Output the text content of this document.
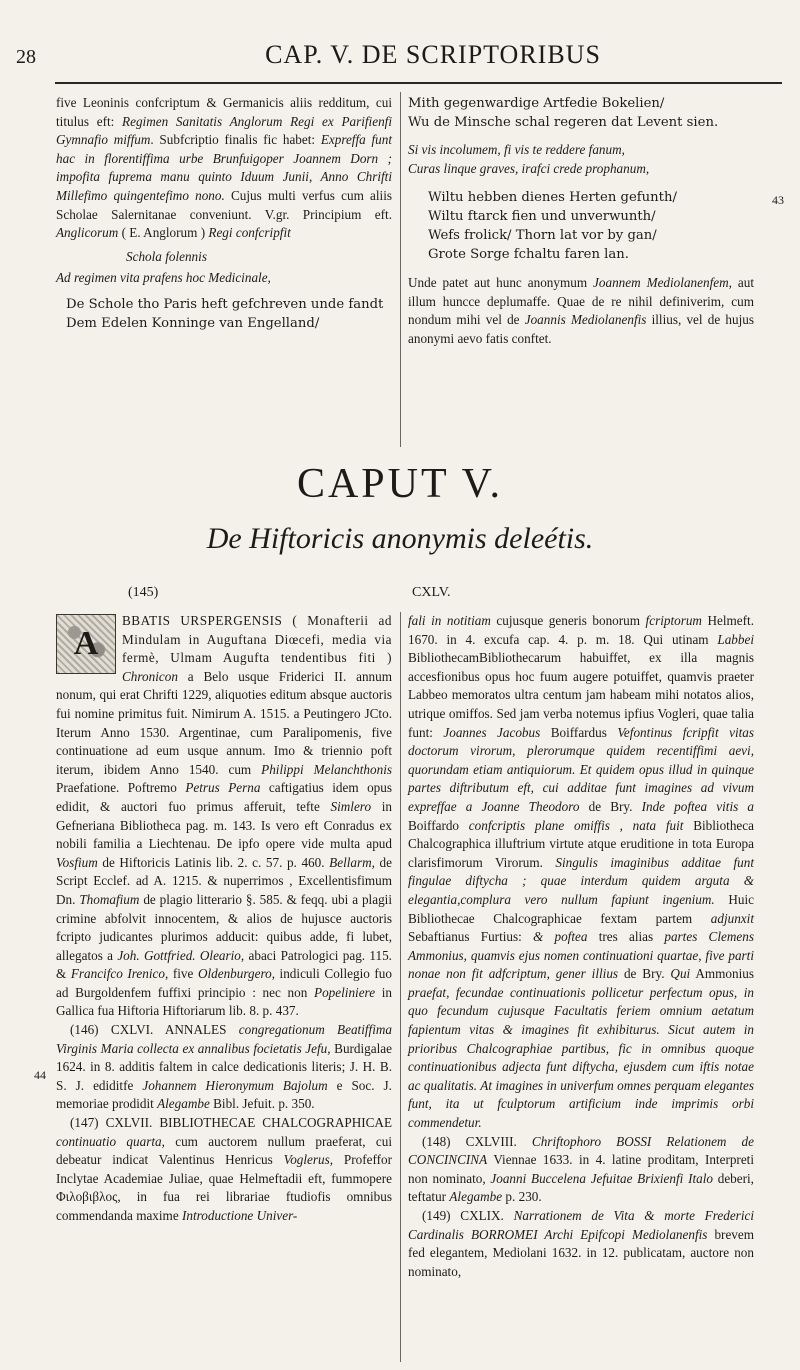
28	CAP. V. DE SCRIPTORIBUS

five Leoninis confcriptum & Germanicis aliis redditum, cui titulus eft: Regimen Sanitatis Anglorum Regi ex Parifienfi Gymnafio miffum. Subfcriptio finalis fic habet: Expreffa funt hac in florentiffima urbe Brunfuigoper Joannem Dorn ; impofita fuprema manu quinto Iduum Junii, Anno Chrifti Millefimo quingentefimo nono. Cujus multi verfus cum aliis Scholae Salernitanae conveniunt. V.gr. Principium eft. Anglicorum ( E. Anglorum ) Regi confcripfit

Schola folennis

Ad regimen vita prafens hoc Medicinale,

De Schole tho Paris heft gefchreven unde fandt

Dem Edelen Konninge van Engelland/

Mith gegenwardige Artfedie Bokelien/

Wu de Minsche schal regeren dat Levent sien.

Si vis incolumem, fi vis te reddere fanum,

Curas linque graves, irafci crede prophanum,

Wiltu hebben dienes Herten gefunth/

Wiltu ftarck fien und unverwunth/

Wefs frolick/ Thorn lat vor by gan/

Grote Sorge fchaltu faren lan.

Unde patet aut hunc anonymum Joannem Mediolanenfem, aut illum huncce deplumaffe. Quae de re nihil definiverim, cum nondum mihi vel de Joannis Mediolanenfis illius, vel de hujus anonymi aevo fatis conftet.

43
CAPUT V.
De Hiftoricis anonymis deleétis.
(145)	CXLV.

A
BBATIS URSPERGENSIS ( Monafterii ad Mindulam in Auguftana Diœcefi, media via fermè, Ulmam Augufta tendentibus fiti ) Chronicon a Belo usque Friderici II. annum nonum, qui erat Chrifti 1229, aliquoties editum absque auctoris fui nomine primitus fuit. Nimirum A. 1515. a Peutingero JCto. Iterum Anno 1530. Argentinae, cum Paralipomenis, five continuatione ad eum usque annum. Imo & triennio poft iterum, ibidem Anno 1540. cum Philippi Melanchthonis Praefatione. Poftremo Petrus Perna caftigatius idem opus edidit, & auctori fuo primus afferuit, tefte Simlero in Gefneriana Bibliotheca pag. m. 143. Is vero eft Conradus ex nobili familia a Liechtenau. De ipfo opere vide multa apud Vosfium de Hiftoricis Latinis lib. 2. c. 57. p. 460. Bellarm, de Script Ecclef. ad A. 1215. & nuperrimos , Excellentisfimum Dn. Thomafium de plagio litterario §. 585. & feqq. ubi a plagii crimine abfolvit innocentem, & alios de hujusce auctoris fcripto judicantes plurimos adducit: quibus adde, fi lubet, allegatos a Joh. Gottfried. Oleario, abaci Patrologici pag. 115. & Francifco Irenico, five Oldenburgero, indiculi Collegio fuo ad Burgoldenfem fuffixi principio : nec non Popeliniere in Gallica fua Hiftoria Hiftoriarum lib. 8. p. 437.

(146) CXLVI. ANNALES congregationum Beatiffima Virginis Maria collecta ex annalibus focietatis Jefu, Burdigalae 1624. in 8. additis faltem in calce dedicationis literis; J. H. B. S. J. ediditfe Johannem Hieronymum Bajolum e Soc. J. memoriae prodidit Alegambe Bibl. Jefuit. p. 350.

(147) CXLVII. BIBLIOTHECAE CHALCOGRAPHICAE continuatio quarta, cum auctorem nullum praeferat, cui debeatur indicat Valentinus Henricus Voglerus, Profeffor Inclytae Academiae Juliae, quae Helmeftadii eft, fummopere Φιλοβιβλος, in fua rei librariae ftudiofis omnibus commendanda maxime Introductione Univer-

44

fali in notitiam cujusque generis bonorum fcriptorum Helmeft. 1670. in 4. excufa cap. 4. p. m. 18. Qui utinam Labbei BibliothecamBibliothecarum habuiffet, ex illa magnis accesfionibus opus hoc fuum augere potuiffet, quamvis praeter Labbeo memoratos ultra centum jam habeam mihi notatos alios, utrique omiffos. Sed jam verba notemus ipfius Vogleri, quae talia funt: Joannes Jacobus Boiffardus Vefontinus fcripfit vitas doctorum virorum, plerorumque quidem recentiffimi aevi, quorundam etiam antiquiorum. Et quidem opus illud in quinque partes diftributum eft, cui additae funt imagines ad vivum expreffae a Joanne Theodoro de Bry. Inde poftea vitis a Boiffardo confcriptis plane omiffis , nata fuit Bibliotheca Chalcographica illuftrium virtute atque eruditione in tota Europa clarisfimorum Virorum. Singulis imaginibus additae funt fingulae diftycha ; quae interdum quidem arguta & elegantia,complura vero nullum fapiunt ingenium. Huic Bibliothecae Chalcographicae fextam partem adjunxit Sebaftianus Furtius: & poftea tres alias partes Clemens Ammonius, quamvis ejus nomen continuationi quartae, five parti nonae non fit adfcriptum, gener illius de Bry. Qui Ammonius praefat, fecundae continuationis pollicetur perfectum opus, in quo fecundum cujusque Facultatis feriem omnium aetatum fapientum vitas & imagines fit exhibiturus. Sicut autem in prioribus Chalcographiae partibus, fic in omnibus quoque continuationibus adjecta funt diftycha, ejusdem cum iftis notae ac qualitatis. At imagines in univerfum omnes perquam elegantes funt, ita ut fculptorum artificium inde imprimis orbi commendetur.

(148) CXLVIII. Chriftophoro BOSSI Relationem de CONCINCINA Viennae 1633. in 4. latine proditam, Interpreti non nominato, Joanni Buccelena Jefuitae Brixienfi Italo deberi, teftatur Alegambe p. 230.

(149) CXLIX. Narrationem de Vita & morte Frederici Cardinalis BORROMEI Archi Epifcopi Mediolanenfis brevem fed elegantem, Mediolani 1632. in 12. publicatam, auctore non nominato,
